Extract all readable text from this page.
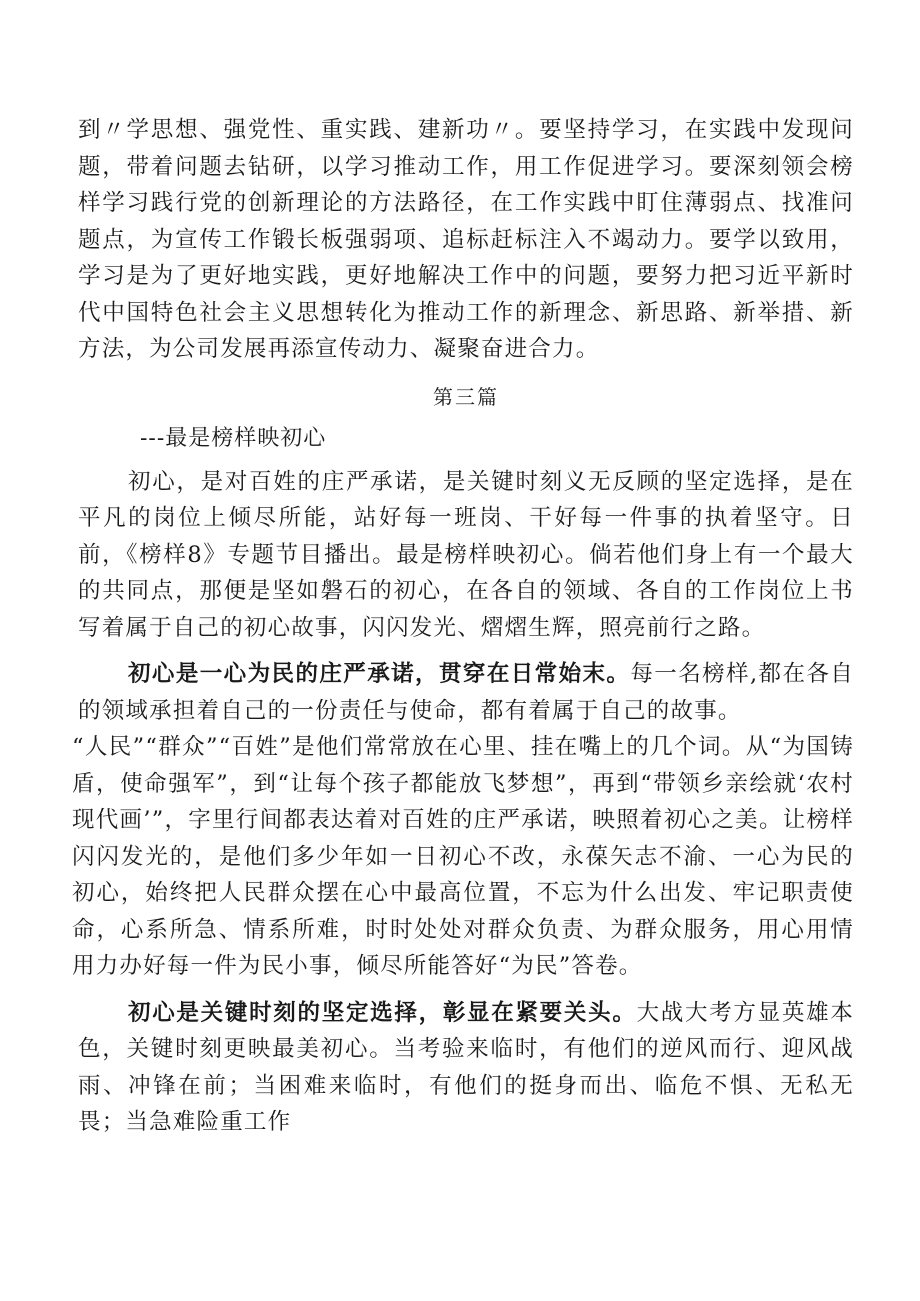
到〃学思想、强党性、重实践、建新功〃。要坚持学习，在实践中发现问题，带着问题去钻研，以学习推动工作，用工作促进学习。要深刻领会榜样学习践行党的创新理论的方法路径，在工作实践中盯住薄弱点、找准问题点，为宣传工作锻长板强弱项、追标赶标注入不竭动力。要学以致用，学习是为了更好地实践，更好地解决工作中的问题，要努力把习近平新时代中国特色社会主义思想转化为推动工作的新理念、新思路、新举措、新方法，为公司发展再添宣传动力、凝聚奋进合力。

第三篇
---最是榜样映初心

初心，是对百姓的庄严承诺，是关键时刻义无反顾的坚定选择，是在平凡的岗位上倾尽所能，站好每一班岗、干好每一件事的执着坚守。日前，《榜样8》专题节目播出。最是榜样映初心。倘若他们身上有一个最大的共同点，那便是坚如磐石的初心，在各自的领域、各自的工作岗位上书写着属于自己的初心故事，闪闪发光、熠熠生辉，照亮前行之路。

初心是一心为民的庄严承诺，贯穿在日常始末。每一名榜样,都在各自的领域承担着自己的一份责任与使命，都有着属于自己的故事。

“人民”“群众”“百姓”是他们常常放在心里、挂在嘴上的几个词。从“为国铸盾，使命强军”，到“让每个孩子都能放飞梦想”，再到“带领乡亲绘就‘农村现代画’”，字里行间都表达着对百姓的庄严承诺，映照着初心之美。让榜样闪闪发光的，是他们多少年如一日初心不改，永葆矢志不渝、一心为民的初心，始终把人民群众摆在心中最高位置，不忘为什么出发、牢记职责使命，心系所急、情系所难，时时处处对群众负责、为群众服务，用心用情用力办好每一件为民小事，倾尽所能答好“为民”答卷。

初心是关键时刻的坚定选择，彰显在紧要关头。大战大考方显英雄本色，关键时刻更映最美初心。当考验来临时，有他们的逆风而行、迎风战雨、冲锋在前；当困难来临时，有他们的挺身而出、临危不惧、无私无畏；当急难险重工作
